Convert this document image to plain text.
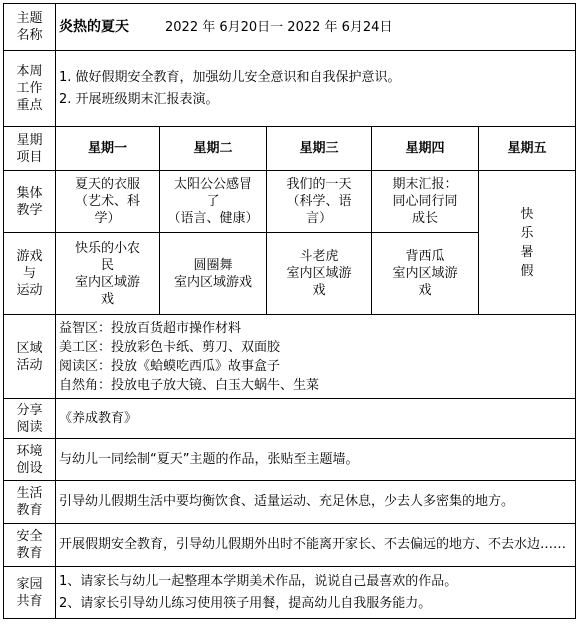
主题
名称	炎热的夏天 2022 年 6月20日一 2022 年 6月24日				

本周
工作
重点	1. 做好假期安全教育，加强幼儿安全意识和自我保护意识。
2. 开展班级期末汇报表演。				

星期
项目	星期一	星期二	星期三	星期四	星期五

集体
教学	夏天的衣服
（艺术、科
学）	太阳公公感冒
了
（语言、健康）	我们的一天
（科学、语
言）	期末汇报：
同心同行同
成长	快
乐
暑
假

游戏
与
运动	快乐的小农
民
室内区域游
戏	圆圈舞
室内区域游戏	斗老虎
室内区域游
戏	背西瓜
室内区域游
戏	

区域
活动	益智区：投放百货超市操作材料
美工区：投放彩色卡纸、剪刀、双面胶
阅读区：投放《蛤蟆吃西瓜》故事盒子
自然角：投放电子放大镜、白玉大蜗牛、生菜				

分享
阅读	《养成教育》				

环境
创设	与幼儿一同绘制“夏天”主题的作品，张贴至主题墙。				

生活
教育	引导幼儿假期生活中要均衡饮食、适量运动、充足休息，少去人多密集的地方。				

安全
教育	开展假期安全教育，引导幼儿假期外出时不能离开家长、不去偏远的地方、不去水边……				

家园
共育	1、请家长与幼儿一起整理本学期美术作品，说说自己最喜欢的作品。
2、请家长引导幼儿练习使用筷子用餐，提高幼儿自我服务能力。				
